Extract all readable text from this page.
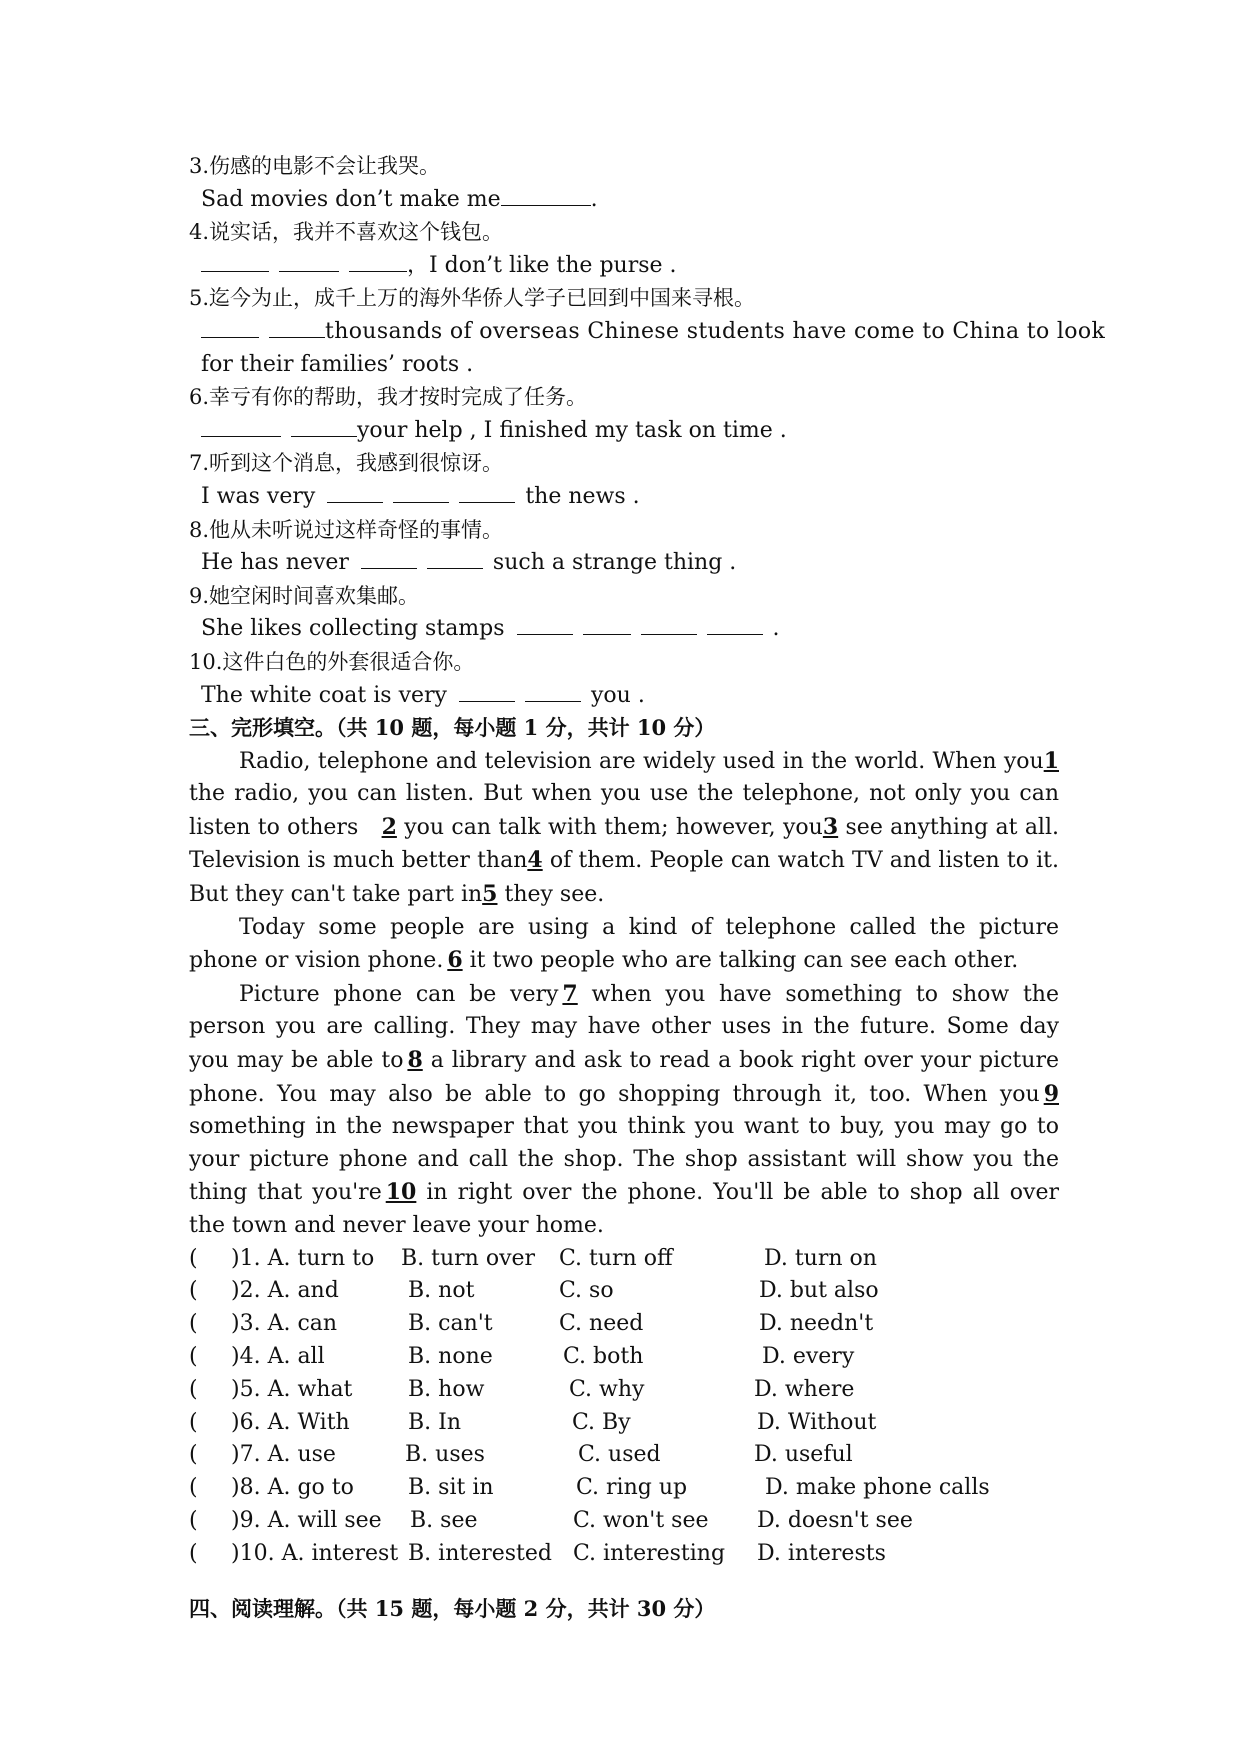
3.伤感的电影不会让我哭。
Sad movies don’t make me	.
4.说实话，我并不喜欢这个钱包。
，I don’t like the purse .
5.迄今为止，成千上万的海外华侨人学子已回到中国来寻根。
thousands of overseas Chinese students have come to China to look
for their families’ roots .
6.幸亏有你的帮助，我才按时完成了任务。
your help , I finished my task on time .
7.听到这个消息，我感到很惊讶。
I was very	the news .
8.他从未听说过这样奇怪的事情。
He has never	such a strange thing .
9.她空闲时间喜欢集邮。
She likes collecting stamps	.
10.这件白色的外套很适合你。
The white coat is very	you .
三、完形填空。（共 10 题，每小题 1 分，共计 10 分）

Radio, telephone and television are widely used in the world. When you1 the radio, you can listen. But when you use the telephone, not only you can listen to others 2 you can talk with them; however, you3 see anything at all. Television is much better than4 of them. People can watch TV and listen to it. But they can't take part in5 they see.

Today some people are using a kind of telephone called the picture phone or vision phone. 6 it two people who are talking can see each other.

Picture phone can be very 7 when you have something to show the person you are calling. They may have other uses in the future. Some day you may be able to 8 a library and ask to read a book right over your picture phone. You may also be able to go shopping through it, too. When you 9 something in the newspaper that you think you want to buy, you may go to your picture phone and call the shop. The shop assistant will show you the thing that you're 10 in right over the phone. You'll be able to shop all over the town and never leave your home.

( )1. A. turn to B. turn over C. turn off	D. turn on
( )2. A. and	B. not	C. so	D. but also
( )3. A. can	B. can't	C. need	D. needn't
( )4. A. all	B. none	C. both	D. every
( )5. A. what	B. how	C. why	D. where
( )6. A. With	B. In	C. By	D. Without
( )7. A. use	B. uses	C. used	D. useful
( )8. A. go to B. sit in	C. ring up	D. make phone calls
( )9. A. will see B. see	C. won't see D. doesn't see
( )10. A. interest B. interested C. interesting D. interests
四、阅读理解。（共 15 题，每小题 2 分，共计 30 分）
